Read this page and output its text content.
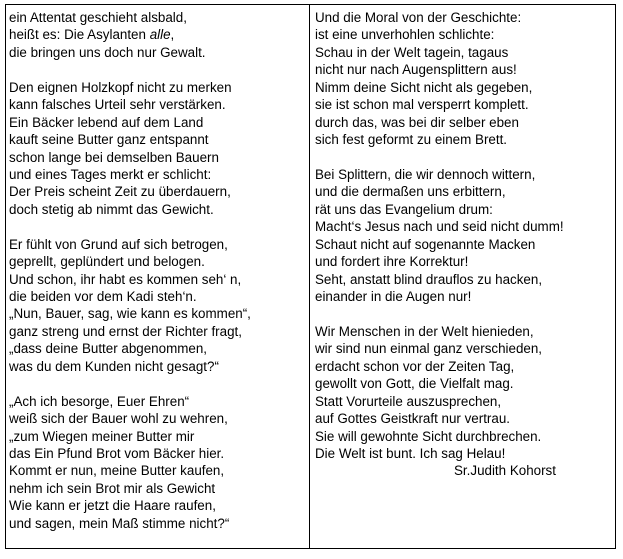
ein Attentat geschieht alsbald,
heißt es: Die Asylanten alle,
die bringen uns doch nur Gewalt.
Den eignen Holzkopf nicht zu merken
kann falsches Urteil sehr verstärken.
Ein Bäcker lebend auf dem Land
kauft seine Butter ganz entspannt
schon lange bei demselben Bauern
und eines Tages merkt er schlicht:
Der Preis scheint Zeit zu überdauern,
doch stetig ab nimmt das Gewicht.
Er fühlt von Grund auf sich betrogen,
geprellt, geplündert und belogen.
Und schon, ihr habt es kommen seh‘ n,
die beiden vor dem Kadi steh‘n.
„Nun, Bauer, sag, wie kann es kommen“,
ganz streng und ernst der Richter fragt,
„dass deine Butter abgenommen,
was du dem Kunden nicht gesagt?“
„Ach ich besorge, Euer Ehren“
weiß sich der Bauer wohl zu wehren,
„zum Wiegen meiner Butter mir
das Ein Pfund Brot vom Bäcker hier.
Kommt er nun, meine Butter kaufen,
nehm ich sein Brot mir als Gewicht
Wie kann er jetzt die Haare raufen,
und sagen, mein Maß stimme nicht?“
Und die Moral von der Geschichte:
ist eine unverhohlen schlichte:
Schau in der Welt tagein, tagaus
nicht nur nach Augensplittern aus!
Nimm deine Sicht nicht als gegeben,
sie ist schon mal versperrt komplett.
durch das, was bei dir selber eben
sich fest geformt zu einem Brett.
Bei Splittern, die wir dennoch wittern,
und die dermaßen uns erbittern,
rät uns das Evangelium drum:
Macht‘s Jesus nach und seid nicht dumm!
Schaut nicht auf sogenannte Macken
und fordert ihre Korrektur!
Seht, anstatt blind drauflos zu hacken,
einander in die Augen nur!
Wir Menschen in der Welt hienieden,
wir sind nun einmal ganz verschieden,
erdacht schon vor der Zeiten Tag,
gewollt von Gott, die Vielfalt mag.
Statt Vorurteile auszusprechen,
auf Gottes Geistkraft nur vertrau.
Sie will gewohnte Sicht durchbrechen.
Die Welt ist bunt. Ich sag Helau!
Sr.Judith Kohorst
